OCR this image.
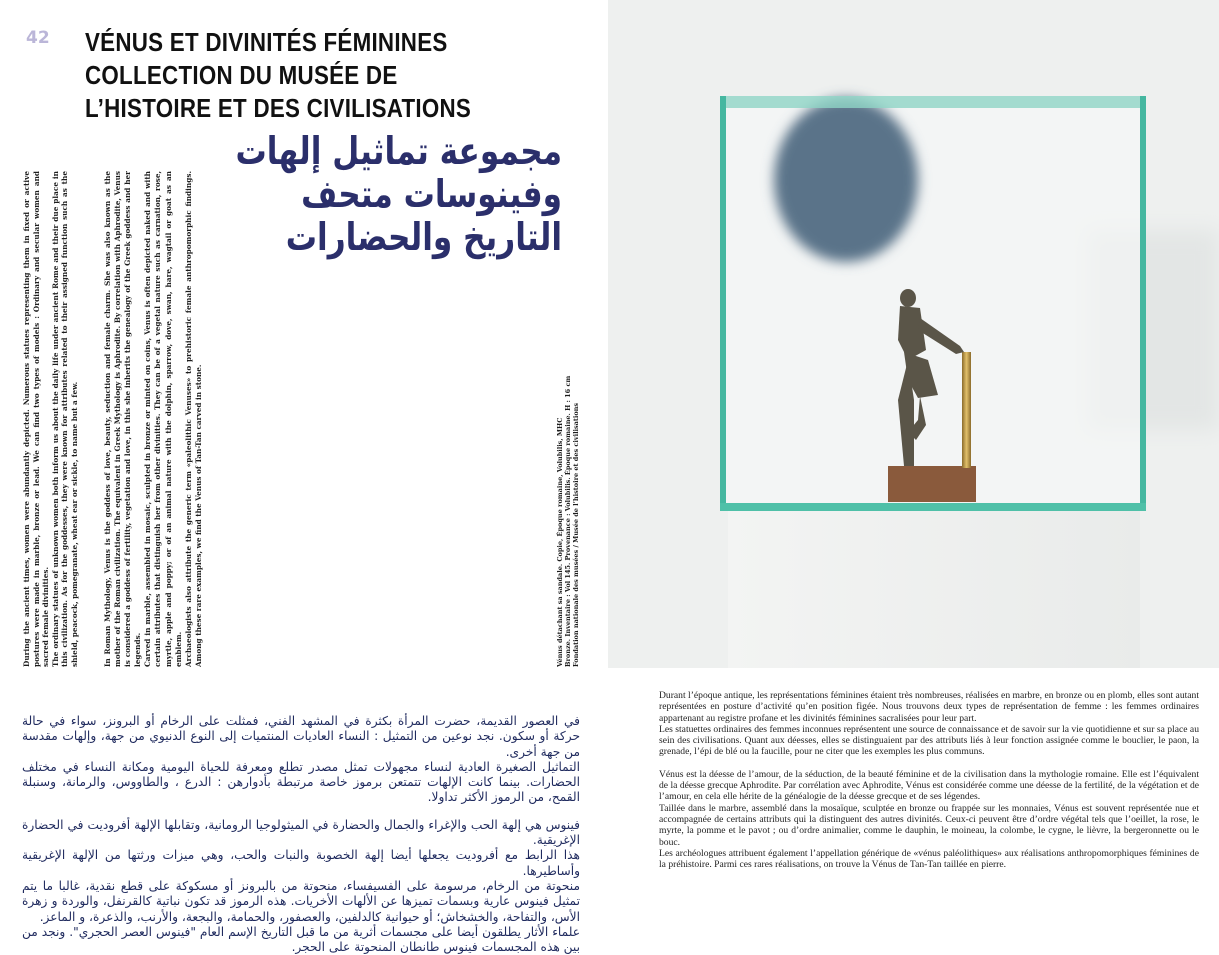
42 VÉNUS ET DIVINITÉS FÉMININES
COLLECTION DU MUSÉE DE
L’HISTOIRE ET DES CIVILISATIONS
مجموعة تماثيل إلهات
وفينوسات متحف
التاريخ والحضارات

During the ancient times, women were abundantly depicted. Numerous statues representing them in fixed or active postures were made in marble, bronze or lead. We can find two types of models : Ordinary and secular women and sacred female divinities. The ordinary statues of unknown women both inform us about the daily life under ancient Rome and their due place in this civilization. As for the goddesses, they were known for attributes related to their assigned function such as the shield, peacock, pomegranate, wheat ear or sickle, to name but a few.	In Roman Mythology, Venus is the goddess of love, beauty, seduction and female charm. She was also known as the mother of the Roman civilization. The equivalent in Greek Mythology is Aphrodite. By correlation with Aphrodite, Venus is considered a goddess of fertility, vegetation and love, in this she inherits the genealogy of the Greek goddess and her legends. Carved in marble, assembled in mosaic, sculpted in bronze or minted on coins, Venus is often depicted naked and with certain attributes that distinguish her from other divinities. They can be of a vegetal nature such as carnation, rose, myrtle, apple and poppy; or of an animal nature with the dolphin, sparrow, dove, swan, hare, wagtail or goat as an emblem. Archaeologists also attribute the generic term «paleolithic Venuses» to prehistoric female anthropomorphic findings. Among these rare examples, we find the Venus of Tan-Tan carved in stone.	Vénus détachant sa sandale. Copie, Époque romaine, Volubilis, MHC Bronze. Inventaire : Vol 145. Provenance : Volubilis. Époque romaine. H : 16 cm Fondation nationale des musées / Musée de l’histoire et des civilisations

في العصور القديمة، حضرت المرأة بكثرة في المشهد الفني، فمثلت على الرخام أو البرونز، سواء في حالة حركة أو سكون. نجد نوعين من التمثيل : النساء العاديات المنتميات إلى النوع الدنيوي من جهة، وإلهات مقدسة من جهة أخرى.

التماثيل الصغيرة العادية لنساء مجهولات تمثل مصدر تطلع ومعرفة للحياة اليومية ومكانة النساء في مختلف الحضارات. بينما كانت الإلهات تتمتعن برموز خاصة مرتبطة بأدوارهن : الدرع ، والطاووس، والرمانة، وسنبلة القمح، من الرموز الأكثر تداولا.

فينوس هي إلهة الحب والإغراء والجمال والحضارة في الميثولوجيا الرومانية، وتقابلها الإلهة أفروديت في الحضارة الإغريقية.

هذا الرابط مع أفروديت يجعلها أيضا إلهة الخصوبة والنبات والحب، وهي ميزات ورثتها من الإلهة الإغريقية وأساطيرها.

منحوتة من الرخام، مرسومة على الفسيفساء، منحوتة من بالبرونز أو مسكوكة على قطع نقدية، غالبا ما يتم تمثيل فينوس عارية وبسمات تميزها عن الألهات الأخريات. هذه الرموز قد تكون نباتية كالقرنفل، والوردة و زهرة الأس، والتفاحة، والخشخاش؛ أو حيوانية كالدلفين، والعصفور، والحمامة، والبجعة، والأرنب، والذعرة، و الماعز.

علماء الأثار يطلقون أيضا على مجسمات أثرية من ما قبل التاريخ الإسم العام "فينوس العصر الحجري". ونجد من بين هذه المجسمات فينوس طانطان المنحوتة على الحجر.

Durant l’époque antique, les représentations féminines étaient très nombreuses, réalisées en marbre, en bronze ou en plomb, elles sont autant représentées en posture d’activité qu’en position figée. Nous trouvons deux types de représentation de femme : les femmes ordinaires appartenant au registre profane et les divinités féminines sacralisées pour leur part.

Les statuettes ordinaires des femmes inconnues représentent une source de connaissance et de savoir sur la vie quotidienne et sur sa place au sein des civilisations. Quant aux déesses, elles se distinguaient par des attributs liés à leur fonction assignée comme le bouclier, le paon, la grenade, l’épi de blé ou la faucille, pour ne citer que les exemples les plus communs.

Vénus est la déesse de l’amour, de la séduction, de la beauté féminine et de la civilisation dans la mythologie romaine. Elle est l’équivalent de la déesse grecque Aphrodite. Par corrélation avec Aphrodite, Vénus est considérée comme une déesse de la fertilité, de la végétation et de l’amour, en cela elle hérite de la généalogie de la déesse grecque et de ses légendes.

Taillée dans le marbre, assemblé dans la mosaïque, sculptée en bronze ou frappée sur les monnaies, Vénus est souvent représentée nue et accompagnée de certains attributs qui la distinguent des autres divinités. Ceux-ci peuvent être d’ordre végétal tels que l’oeillet, la rose, le myrte, la pomme et le pavot ; ou d’ordre animalier, comme le dauphin, le moineau, la colombe, le cygne, le lièvre, la bergeronnette ou le bouc.

Les archéologues attribuent également l’appellation générique de «vénus paléolithiques» aux réalisations anthropomorphiques féminines de la préhistoire. Parmi ces rares réalisations, on trouve la Vénus de Tan-Tan taillée en pierre.
